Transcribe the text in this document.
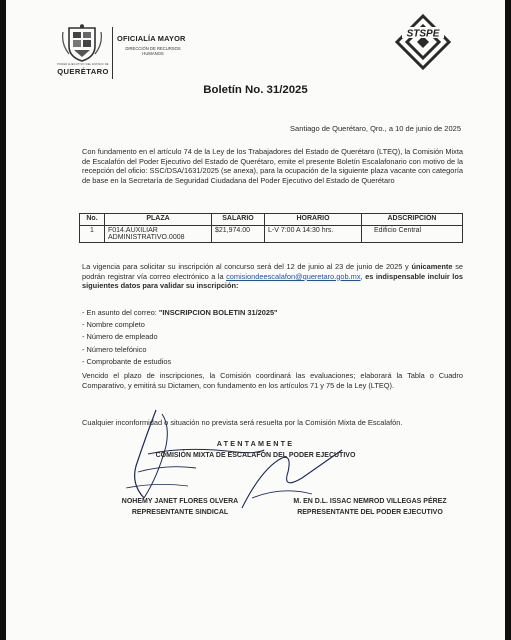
PODER EJECUTIVO DEL ESTADO DE
QUERÉTARO
OFICIALÍA MAYOR
DIRECCIÓN DE RECURSOS HUMANOS
STSPE
Boletín No. 31/2025
Santiago de Querétaro, Qro., a 10 de junio de 2025
Con fundamento en el artículo 74 de la Ley de los Trabajadores del Estado de Querétaro (LTEQ), la Comisión Mixta de Escalafón del Poder Ejecutivo del Estado de Querétaro, emite el presente Boletín Escalafonario con motivo de la recepción del oficio: SSC/DSA/1631/2025 (se anexa), para la ocupación de la siguiente plaza vacante con categoría de base en la Secretaría de Seguridad Ciudadana del Poder Ejecutivo del Estado de Querétaro
No.	PLAZA	SALARIO	HORARIO	ADSCRIPCIÓN
1	F014.AUXILIAR
ADMINISTRATIVO.0008	$21,974.00	L-V 7:00 A 14:30 hrs.	Edificio Central
La vigencia para solicitar su inscripción al concurso será del 12 de junio al 23 de junio de 2025 y únicamente se podrán registrar vía correo electrónico a la comisiondeescalafon@queretaro.gob.mx, es indispensable incluir los siguientes datos para validar su inscripción:
- En asunto del correo: "INSCRIPCION BOLETIN 31/2025"
- Nombre completo
- Número de empleado
- Número telefónico
- Comprobante de estudios
Vencido el plazo de inscripciones, la Comisión coordinará las evaluaciones; elaborará la Tabla o Cuadro Comparativo, y emitirá su Dictamen, con fundamento en los artículos 71 y 75 de la Ley (LTEQ).
Cualquier inconformidad o situación no prevista será resuelta por la Comisión Mixta de Escalafón.
ATENTAMENTE
COMISIÓN MIXTA DE ESCALAFÓN DEL PODER EJECUTIVO
NOHEMY JANET FLORES OLVERA
REPRESENTANTE SINDICAL
M. EN D.L. ISSAC NEMROD VILLEGAS PÉREZ
REPRESENTANTE DEL PODER EJECUTIVO
